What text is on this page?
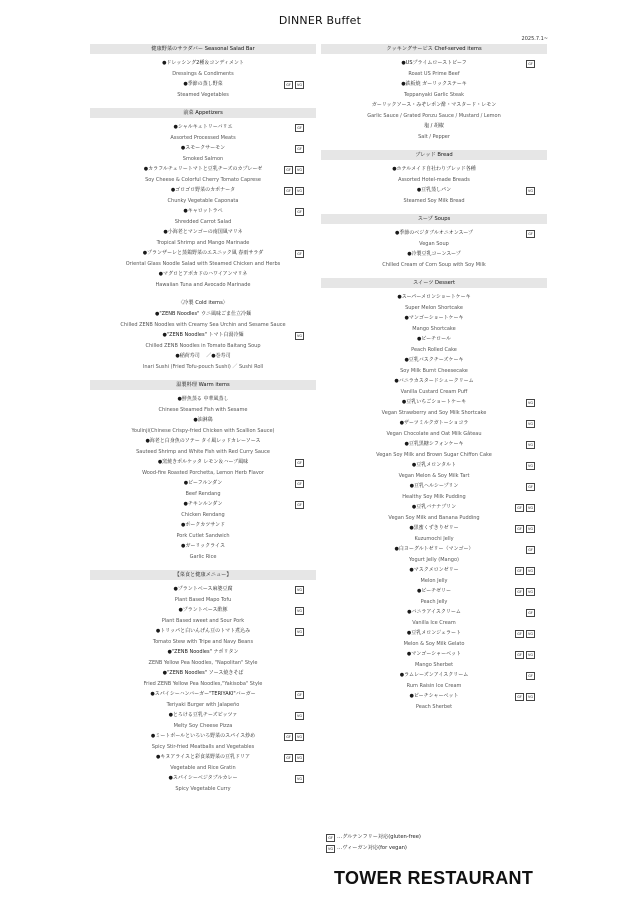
DINNER Buffet
2025.7.1~
健康野菜のサラダバー Seasonal Salad Bar
●ドレッシング2種＆コンディメント
Dressings & Condiments
●季節の蒸し野菜
Steamed Vegetables
GF	VG
前菜 Appetizers
●シャルキュトリーバリエ
Assorted Processed Meats
GF
●スモークサーモン
Smoked Salmon
GF
●カラフルチェリートマトと豆乳チーズのカプレーゼ
Soy Cheese & Colorful Cherry Tomato Caprese
GF	VG
●ゴロゴロ野菜のカポナータ
Chunky Vegetable Caponata
GF	VG
●キャロットラペ
Shredded Carrot Salad
GF
●小海老とマンゴーの南国風マリネ
Tropical Shrimp and Mango Marinade
●プランザーレと蒸鶏野菜のエスニック風 春雨サラダ
Oriental Glass Noodle Salad with Steamed Chicken and Herbs
GF
●マグロとアボカドのハワイアンマリネ
Hawaiian Tuna and Avocado Marinade
〈冷製 Cold items〉
●"ZENB Noodles" ウニ風味ごま仕立冷麺
Chilled ZENB Noodles with Creamy Sea Urchin and Sesame Sauce
●"ZENB Noodles" トマト白湯冷麺
Chilled ZENB Noodles in Tomato Baitang Soup
VG
●稲荷寿司 　／●巻寿司
Inari Sushi (Fried Tofu-pouch Sushi) ／ Sushi Roll
温製料理 Warm items
●鮮魚蒸る 中華風蒸し
Chinese Steamed Fish with Sesame
●油淋鶏
Youlinji(Chinese Crispy-fried Chicken with Scallion Sauce)
●海老と白身魚のソテー タイ風レッドカレーソース
Sauteed Shrimp and White Fish with Red Curry Sauce
●窯焼きポルケッタ レモン＆ハーブ風味
Wood-fire Roasted Porchetta, Lemon Herb Flavor
GF
●ビーフルンダン
Beef Rendang
GF
●チキンルンダン
Chicken Rendang
GF
●ポークカツサンド
Pork Cutlet Sandwich
●ガーリックライス
Garlic Rice
【菜食と健康メニュー】
●プラントベース麻婆豆腐
Plant Based Mapo Tofu
VG
●プラントベース酢豚
Plant Based sweet and Sour Pork
VG
●トリッパと白いんげん豆のトマト煮込み
Tomato Stew with Tripe and Navy Beans
VG
●"ZENB Noodles" ナポリタン
ZENB Yellow Pea Noodles, "Napolitan" Style
●"ZENB Noodles" ソース焼きそば
Fried ZENB Yellow Pea Noodles,"Yakisoba" Style
●スパイシーハンバーガー"TERIYAKI"バーガー
Teriyaki Burger with Jalapeño
GF
●とろける豆乳チーズピッツァ
Melty Soy Cheese Pizza
VG
●ミートボールといろいろ野菜のスパイス炒め
Spicy Stir-fried Meatballs and Vegetables
GF	VG
●キヌアライスと彩食菜野菜の豆乳ドリア
Vegetable and Rice Gratin
GF	VG
●スパイシーベジタブルカレー
Spicy Vegetable Curry
VG
クッキングサービス Chef-served items
●USプライムローストビーフ
Roast US Prime Beef
GF
●鉄板焼 ガーリックステーキ
Teppanyaki Garlic Steak
ガーリックソース・みぞレポン酢・マスタード・レモン
Garlic Sauce / Grated Ponzu Sauce / Mustard / Lemon
塩 / 胡椒
Salt / Pepper
ブレッド Bread
●ホテルメイド自社わりブレッド各種
Assorted Hotel-made Breads
●豆乳蒸しパン
Steamed Soy Milk Bread
VG
スープ Soups
●季節のベジタブルオニオンスープ
Vegan Soup
GF
●冷製豆乳コーンスープ
Chilled Cream of Corn Soup with Soy Milk
スイーツ Dessert
●スーパーメロンショートケーキ
Super Melon Shortcake
●マンゴーショートケーキ
Mango Shortcake
●ピーチロール
Peach Rolled Cake
●豆乳バスクチーズケーキ
Soy Milk Burnt Cheesecake
●バニラカスタードシュークリーム
Vanilla Custard Cream Puff
●豆乳いちごショートケーキ
Vegan Strawberry and Soy Milk Shortcake
VG
●ザーツミルクガトーショコラ
Vegan Chocolate and Oat Milk Gâteau
VG
●豆乳黒糖シフォンケーキ
Vegan Soy Milk and Brown Sugar Chiffon Cake
VG
●豆乳メロンタルト
Vegan Melon & Soy Milk Tart
VG
●豆乳ヘルシープリン
Healthy Soy Milk Pudding
GF
●豆乳バナナプリン
Vegan Soy Milk and Banana Pudding
GF	VG
●黒蜜くずきりゼリー
Kuzumochi Jelly
GF	VG
●白ヨーグルトゼリー（マンゴー）
Yogurt Jelly (Mango)
GF
●マスクメロンゼリー
Melon Jelly
GF	VG
●ピーチゼリー
Peach Jelly
GF	VG
●バニラアイスクリーム
Vanilla Ice Cream
GF
●豆乳メロンジェラート
Melon & Soy Milk Gelato
GF	VG
●マンゴーシャーベット
Mango Sherbet
GF	VG
●ラムレーズンアイスクリーム
Rum Raisin Ice Cream
GF
●ピーチシャーベット
Peach Sherbet
GF	VG
GF …グルテンフリー対応(gluten-free)
VG …ヴィーガン対応(for vegan)
TOWER RESTAURANT
